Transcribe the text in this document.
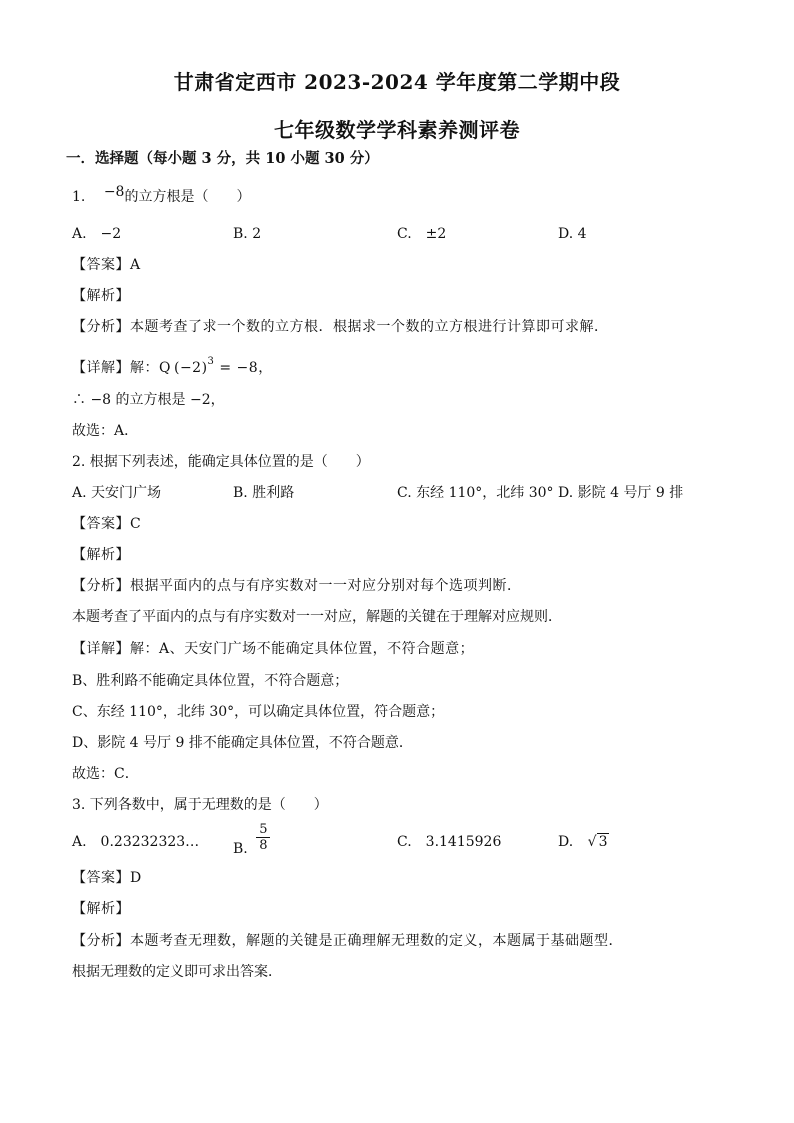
甘肃省定西市 2023-2024 学年度第二学期中段
七年级数学学科素养测评卷
一．选择题（每小题 3 分，共 10 小题 30 分）
1. −8的立方根是（　　）
A.　−2	B. 2	C.　±2	D. 4
【答案】A
【解析】
【分析】本题考查了求一个数的立方根．根据求一个数的立方根进行计算即可求解．
【详解】解：Q $(-2)^3 = -8$，
∴ −8 的立方根是 −2，
故选：A．
2. 根据下列表述，能确定具体位置的是（　　）
A. 天安门广场	B. 胜利路	C. 东经 110°，北纬 30° D. 影院 4 号厅 9 排
【答案】C
【解析】
【分析】根据平面内的点与有序实数对一一对应分别对每个选项判断．
本题考查了平面内的点与有序实数对一一对应，解题的关键在于理解对应规则．
【详解】解：A、天安门广场不能确定具体位置，不符合题意；
B、胜利路不能确定具体位置，不符合题意；
C、东经 110°，北纬 30°，可以确定具体位置，符合题意；
D、影院 4 号厅 9 排不能确定具体位置，不符合题意．
故选：C．
3. 下列各数中，属于无理数的是（　　）
A.　0.23232323… B. $\frac{5}{8}$	C.　3.1415926	D. √ 3
【答案】D
【解析】
【分析】本题考查无理数，解题的关键是正确理解无理数的定义，本题属于基础题型．
根据无理数的定义即可求出答案．
